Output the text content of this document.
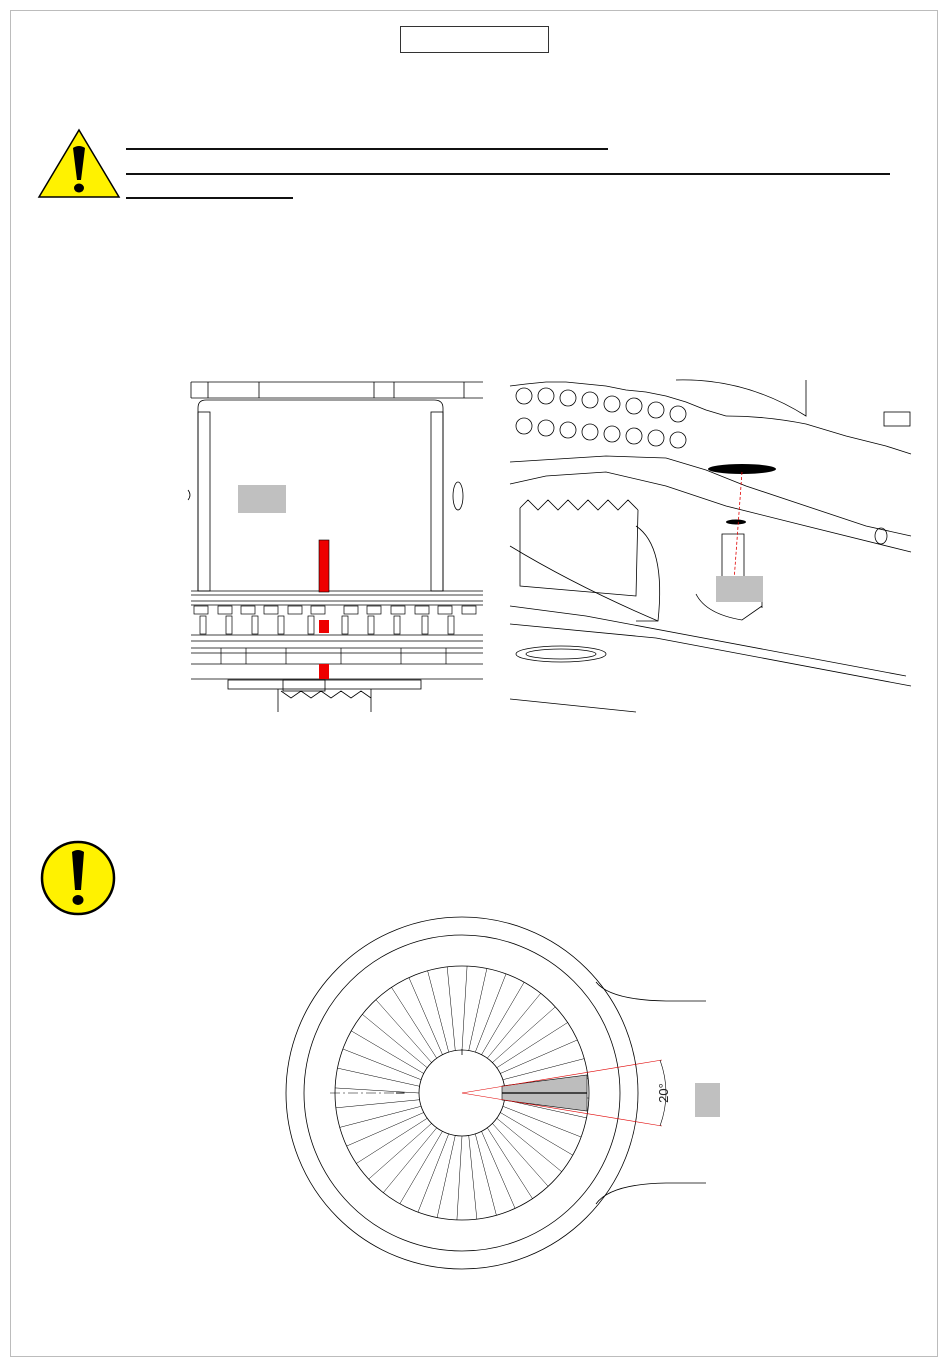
20°
